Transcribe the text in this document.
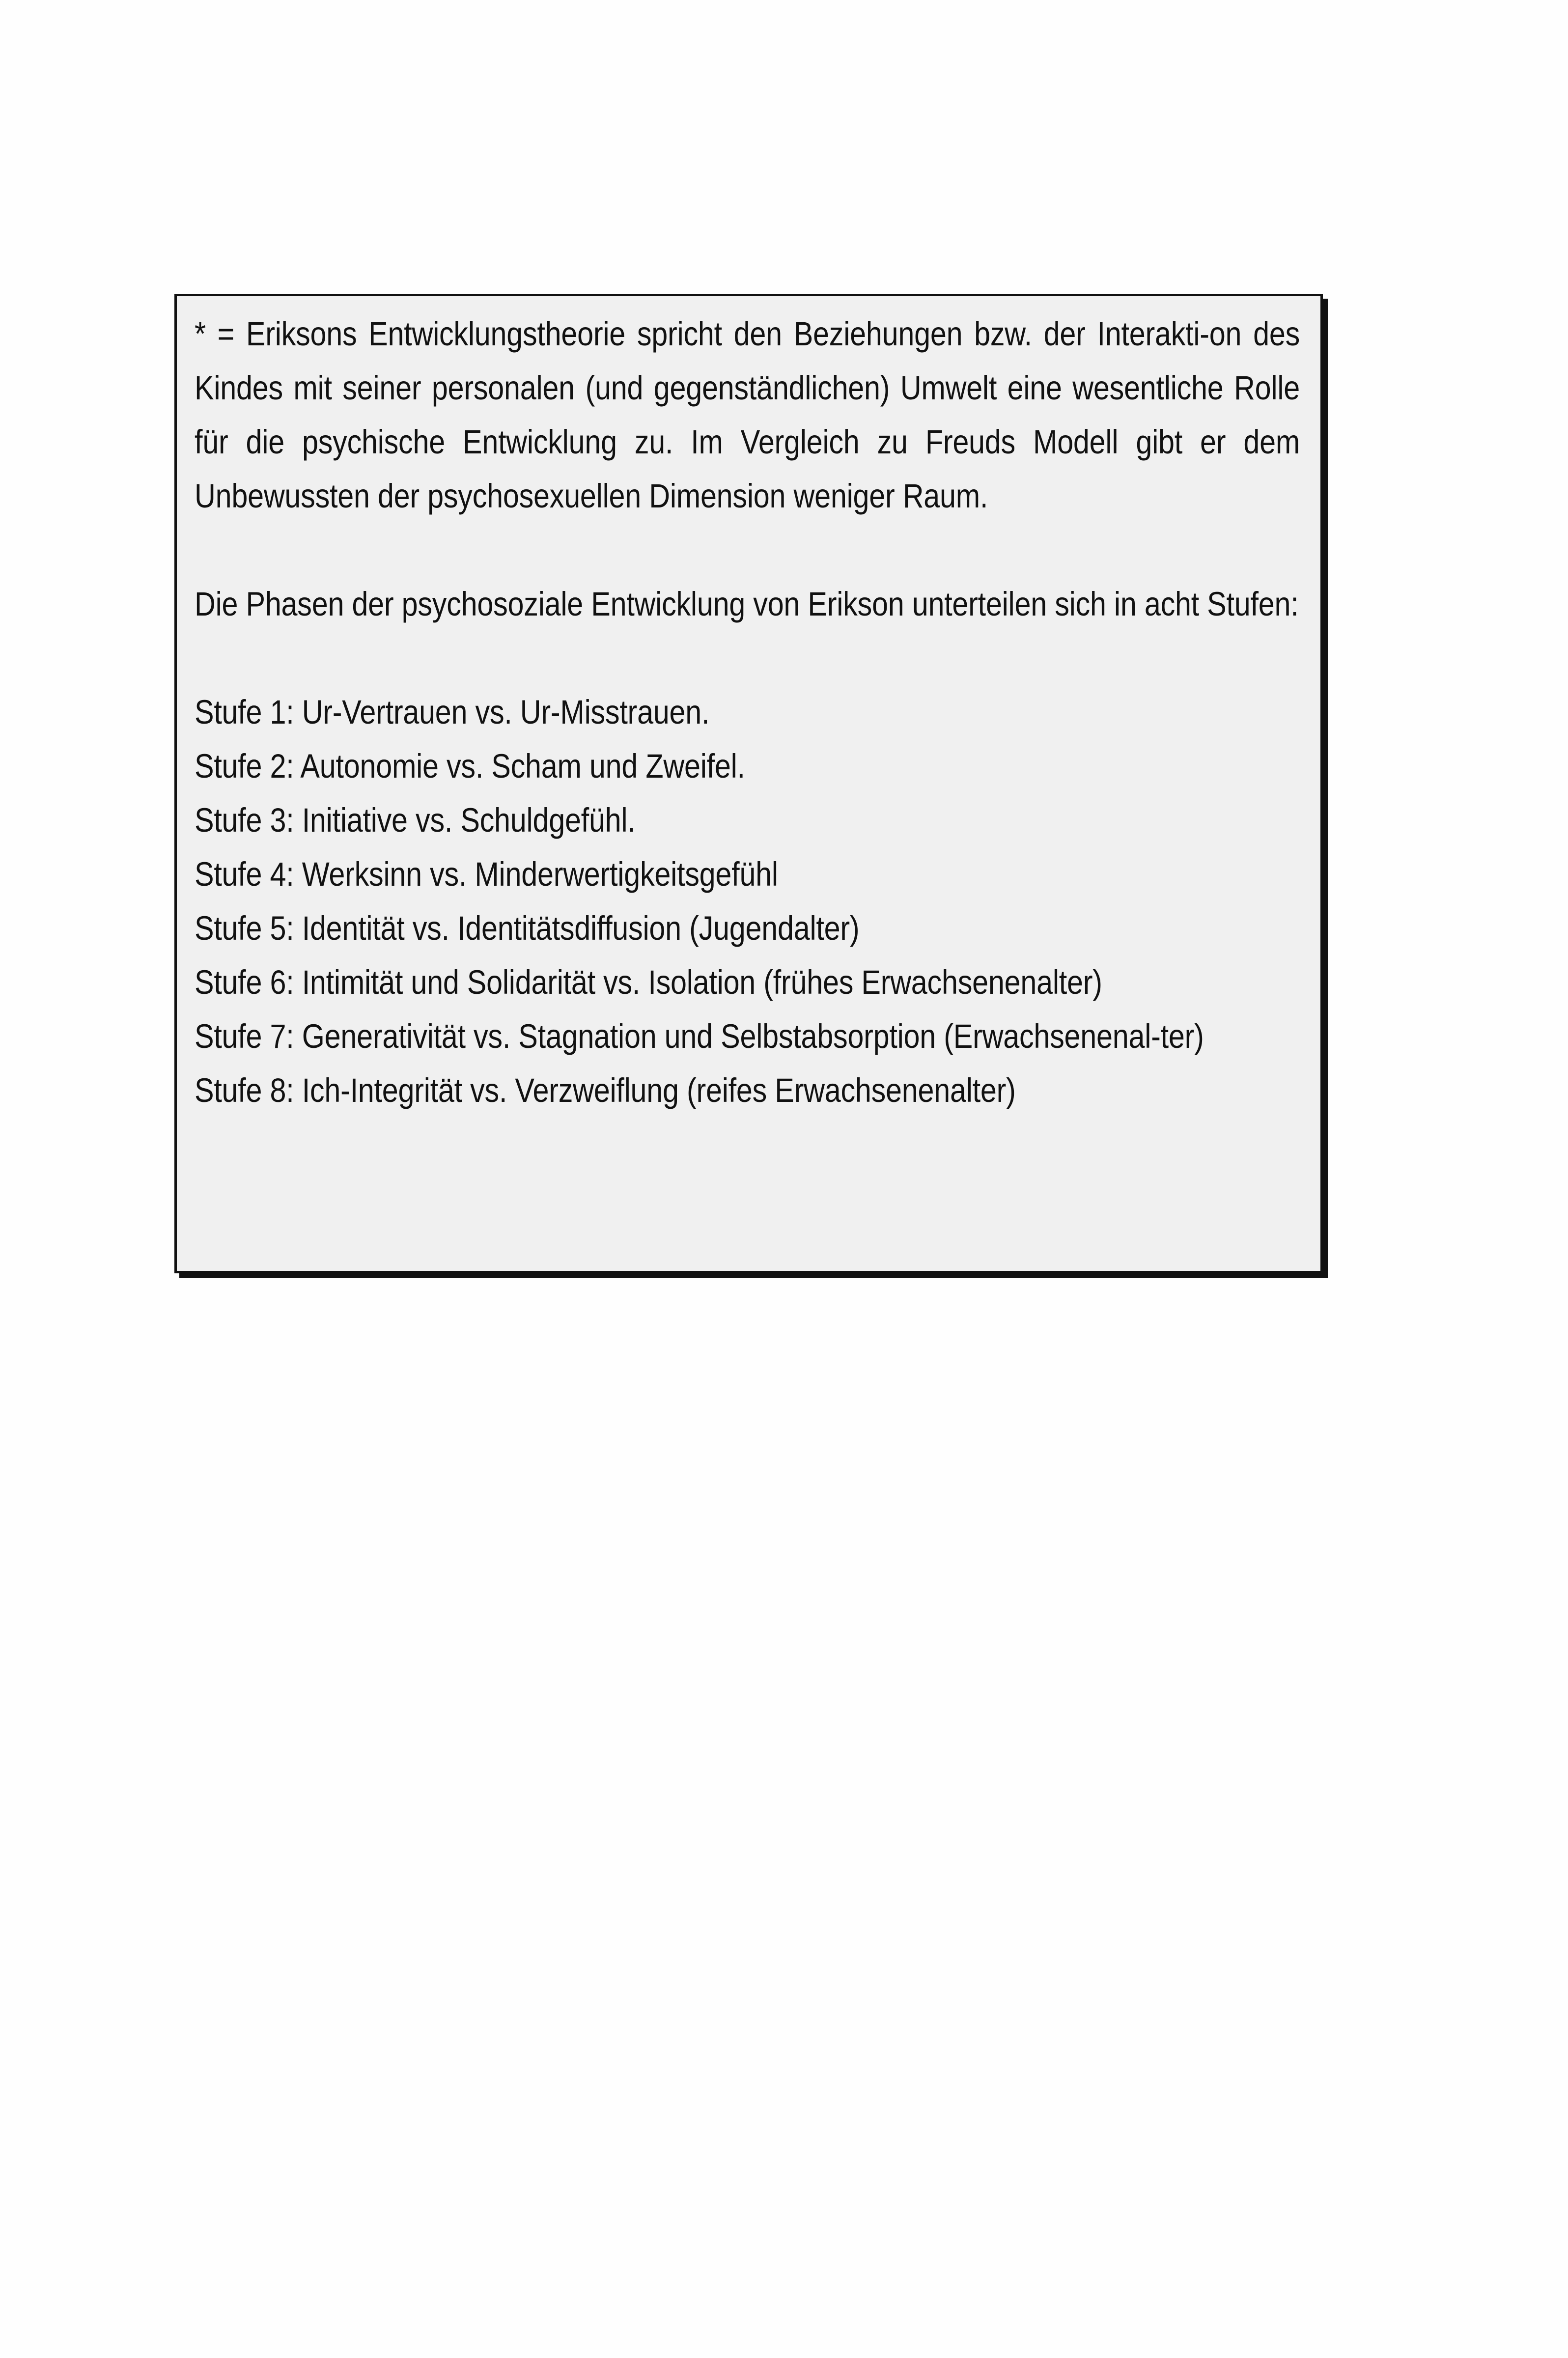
* = Eriksons Entwicklungstheorie spricht den Beziehungen bzw. der Interakti-on des Kindes mit seiner personalen (und gegenständlichen) Umwelt eine wesentliche Rolle für die psychische Entwicklung zu. Im Vergleich zu Freuds Modell gibt er dem Unbewussten der psychosexuellen Dimension weniger Raum.

Die Phasen der psychosoziale Entwicklung von Erikson unterteilen sich in acht Stufen:

Stufe 1: Ur-Vertrauen vs. Ur-Misstrauen.

Stufe 2: Autonomie vs. Scham und Zweifel.

Stufe 3: Initiative vs. Schuldgefühl.

Stufe 4: Werksinn vs. Minderwertigkeitsgefühl

Stufe 5: Identität vs. Identitätsdiffusion (Jugendalter)

Stufe 6: Intimität und Solidarität vs. Isolation (frühes Erwachsenenalter)

Stufe 7: Generativität vs. Stagnation und Selbstabsorption (Erwachsenenal-ter)

Stufe 8: Ich-Integrität vs. Verzweiflung (reifes Erwachsenenalter)
